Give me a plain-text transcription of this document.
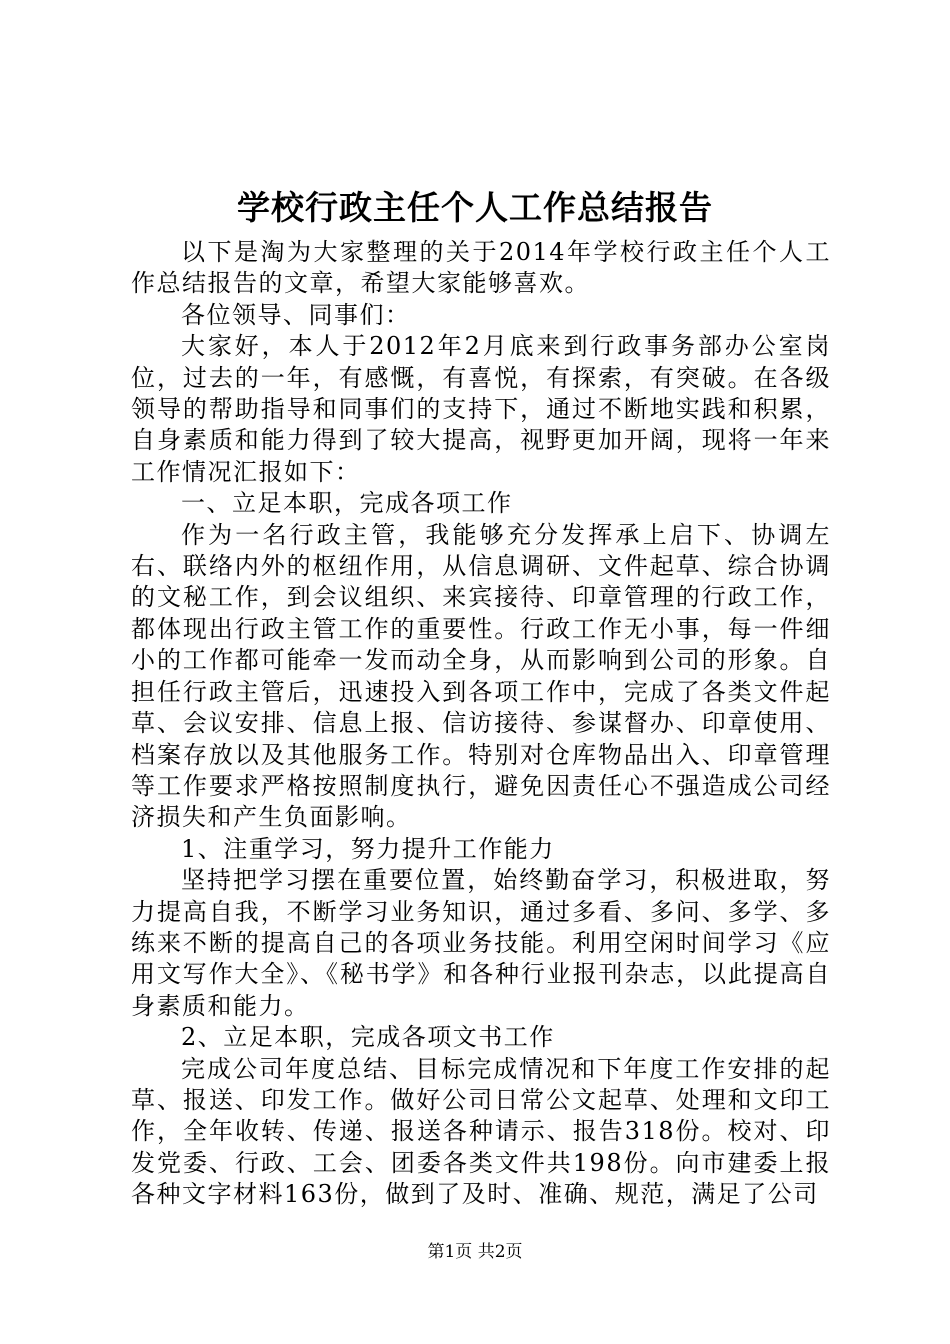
学校行政主任个人工作总结报告

以下是淘为大家整理的关于2014年学校行政主任个人工作总结报告的文章，希望大家能够喜欢。

各位领导、同事们：

大家好，本人于2012年2月底来到行政事务部办公室岗位，过去的一年，有感慨，有喜悦，有探索，有突破。在各级领导的帮助指导和同事们的支持下，通过不断地实践和积累，自身素质和能力得到了较大提高，视野更加开阔，现将一年来工作情况汇报如下：

一、立足本职，完成各项工作

作为一名行政主管，我能够充分发挥承上启下、协调左右、联络内外的枢纽作用，从信息调研、文件起草、综合协调的文秘工作，到会议组织、来宾接待、印章管理的行政工作，都体现出行政主管工作的重要性。行政工作无小事，每一件细小的工作都可能牵一发而动全身，从而影响到公司的形象。自担任行政主管后，迅速投入到各项工作中，完成了各类文件起草、会议安排、信息上报、信访接待、参谋督办、印章使用、档案存放以及其他服务工作。特别对仓库物品出入、印章管理等工作要求严格按照制度执行，避免因责任心不强造成公司经济损失和产生负面影响。

1、注重学习，努力提升工作能力

坚持把学习摆在重要位置，始终勤奋学习，积极进取，努力提高自我，不断学习业务知识，通过多看、多问、多学、多练来不断的提高自己的各项业务技能。利用空闲时间学习《应用文写作大全》、《秘书学》和各种行业报刊杂志，以此提高自身素质和能力。

2、立足本职，完成各项文书工作

完成公司年度总结、目标完成情况和下年度工作安排的起草、报送、印发工作。做好公司日常公文起草、处理和文印工作，全年收转、传递、报送各种请示、报告318份。校对、印发党委、行政、工会、团委各类文件共198份。向市建委上报各种文字材料163份，做到了及时、准确、规范，满足了公司

第1页 共2页
